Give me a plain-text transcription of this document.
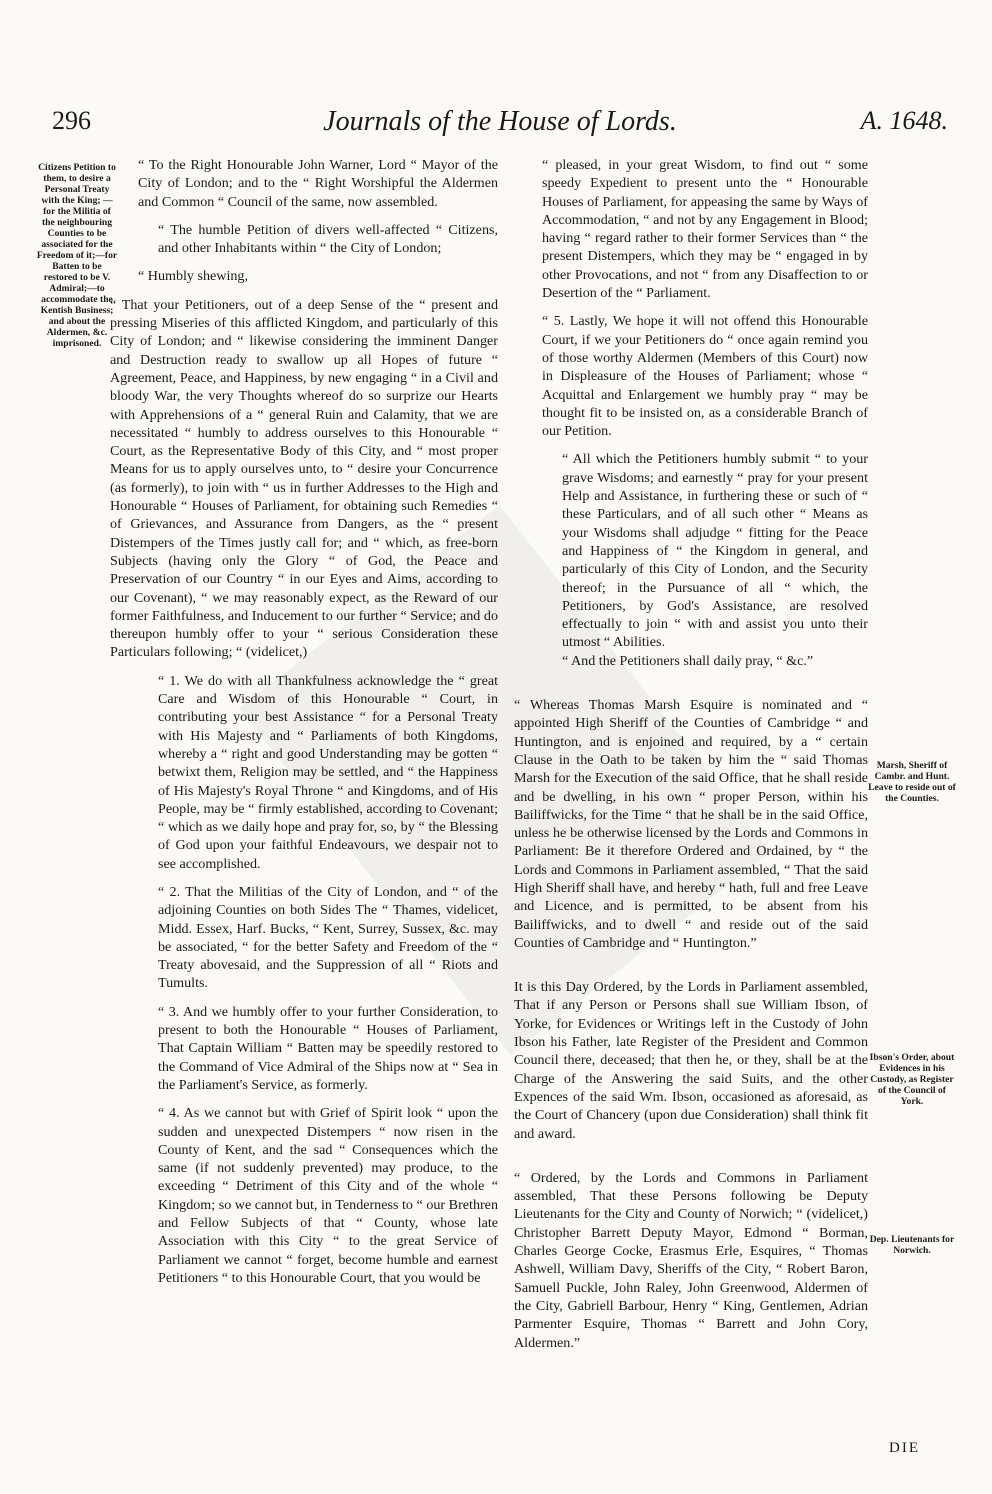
296	Journals of the House of Lords.	A. 1648.
Citizens Petition to them, to desire a Personal Treaty with the King; —for the Militia of the neighbouring Counties to be associated for the Freedom of it;—for Batten to be restored to be V. Admiral;—to accommodate the Kentish Business; and about the Aldermen, &c. imprisoned.

“ To the Right Honourable John Warner, Lord “ Mayor of the City of London; and to the “ Right Worshipful the Aldermen and Common “ Council of the same, now assembled.

“ The humble Petition of divers well-affected “ Citizens, and other Inhabitants within “ the City of London;

“ Humbly shewing,

“ That your Petitioners, out of a deep Sense of the “ present and pressing Miseries of this afflicted Kingdom, and particularly of this City of London; and “ likewise considering the imminent Danger and Destruction ready to swallow up all Hopes of future “ Agreement, Peace, and Happiness, by new engaging “ in a Civil and bloody War, the very Thoughts whereof do so surprize our Hearts with Apprehensions of a “ general Ruin and Calamity, that we are necessitated “ humbly to address ourselves to this Honourable “ Court, as the Representative Body of this City, and “ most proper Means for us to apply ourselves unto, to “ desire your Concurrence (as formerly), to join with “ us in further Addresses to the High and Honourable “ Houses of Parliament, for obtaining such Remedies “ of Grievances, and Assurance from Dangers, as the “ present Distempers of the Times justly call for; and “ which, as free-born Subjects (having only the Glory “ of God, the Peace and Preservation of our Country “ in our Eyes and Aims, according to our Covenant), “ we may reasonably expect, as the Reward of our former Faithfulness, and Inducement to our further “ Service; and do thereupon humbly offer to your “ serious Consideration these Particulars following; “ (videlicet,)

“ 1. We do with all Thankfulness acknowledge the “ great Care and Wisdom of this Honourable “ Court, in contributing your best Assistance “ for a Personal Treaty with His Majesty and “ Parliaments of both Kingdoms, whereby a “ right and good Understanding may be gotten “ betwixt them, Religion may be settled, and “ the Happiness of His Majesty's Royal Throne “ and Kingdoms, and of His People, may be “ firmly established, according to Covenant; “ which as we daily hope and pray for, so, by “ the Blessing of God upon your faithful Endeavours, we despair not to see accomplished.

“ 2. That the Militias of the City of London, and “ of the adjoining Counties on both Sides The “ Thames, videlicet, Midd. Essex, Harf. Bucks, “ Kent, Surrey, Sussex, &c. may be associated, “ for the better Safety and Freedom of the “ Treaty abovesaid, and the Suppression of all “ Riots and Tumults.

“ 3. And we humbly offer to your further Consideration, to present to both the Honourable “ Houses of Parliament, That Captain William “ Batten may be speedily restored to the Command of Vice Admiral of the Ships now at “ Sea in the Parliament's Service, as formerly.

“ 4. As we cannot but with Grief of Spirit look “ upon the sudden and unexpected Distempers “ now risen in the County of Kent, and the sad “ Consequences which the same (if not suddenly prevented) may produce, to the exceeding “ Detriment of this City and of the whole “ Kingdom; so we cannot but, in Tenderness to “ our Brethren and Fellow Subjects of that “ County, whose late Association with this City “ to the great Service of Parliament we cannot “ forget, become humble and earnest Petitioners “ to this Honourable Court, that you would be

“ pleased, in your great Wisdom, to find out “ some speedy Expedient to present unto the “ Honourable Houses of Parliament, for appeasing the same by Ways of Accommodation, “ and not by any Engagement in Blood; having “ regard rather to their former Services than “ the present Distempers, which they may be “ engaged in by other Provocations, and not “ from any Disaffection to or Desertion of the “ Parliament.

“ 5. Lastly, We hope it will not offend this Honourable Court, if we your Petitioners do “ once again remind you of those worthy Aldermen (Members of this Court) now in Displeasure of the Houses of Parliament; whose “ Acquittal and Enlargement we humbly pray “ may be thought fit to be insisted on, as a considerable Branch of our Petition.

“ All which the Petitioners humbly submit “ to your grave Wisdoms; and earnestly “ pray for your present Help and Assistance, in furthering these or such of “ these Particulars, and of all such other “ Means as your Wisdoms shall adjudge “ fitting for the Peace and Happiness of “ the Kingdom in general, and particularly of this City of London, and the Security thereof; in the Pursuance of all “ which, the Petitioners, by God's Assistance, are resolved effectually to join “ with and assist you unto their utmost “ Abilities.

“ And the Petitioners shall daily pray, “ &c.”

“ Whereas Thomas Marsh Esquire is nominated and “ appointed High Sheriff of the Counties of Cambridge “ and Huntington, and is enjoined and required, by a “ certain Clause in the Oath to be taken by him the “ said Thomas Marsh for the Execution of the said Office, that he shall reside and be dwelling, in his own “ proper Person, within his Bailiffwicks, for the Time “ that he shall be in the said Office, unless he be otherwise licensed by the Lords and Commons in Parliament: Be it therefore Ordered and Ordained, by “ the Lords and Commons in Parliament assembled, “ That the said High Sheriff shall have, and hereby “ hath, full and free Leave and Licence, and is permitted, to be absent from his Bailiffwicks, and to dwell “ and reside out of the said Counties of Cambridge and “ Huntington.”

It is this Day Ordered, by the Lords in Parliament assembled, That if any Person or Persons shall sue William Ibson, of Yorke, for Evidences or Writings left in the Custody of John Ibson his Father, late Register of the President and Common Council there, deceased; that then he, or they, shall be at the Charge of the Answering the said Suits, and the other Expences of the said Wm. Ibson, occasioned as aforesaid, as the Court of Chancery (upon due Consideration) shall think fit and award.

“ Ordered, by the Lords and Commons in Parliament assembled, That these Persons following be Deputy Lieutenants for the City and County of Norwich; “ (videlicet,) Christopher Barrett Deputy Mayor, Edmond “ Borman, Charles George Cocke, Erasmus Erle, Esquires, “ Thomas Ashwell, William Davy, Sheriffs of the City, “ Robert Baron, Samuell Puckle, John Raley, John Greenwood, Aldermen of the City, Gabriell Barbour, Henry “ King, Gentlemen, Adrian Parmenter Esquire, Thomas “ Barrett and John Cory, Aldermen.”

Marsh, Sheriff of Cambr. and Hunt. Leave to reside out of the Counties.
Ibson's Order, about Evidences in his Custody, as Register of the Council of York.
Dep. Lieutenants for Norwich.
DIE
